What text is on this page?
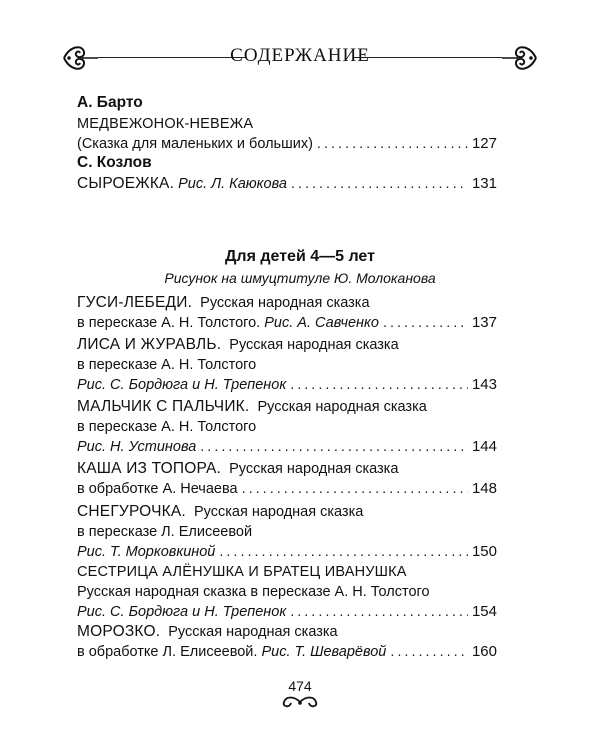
СОДЕРЖАНИЕ
А. Барто
МЕДВЕЖОНОК-НЕВЕЖА
(Сказка для маленьких и больших) .....	127
С. Козлов
СЫРОЕЖКА.
Рис. Л. Каюкова .....	131
Для детей 4—5 лет
Рисунок на шмуцтитуле Ю. Молоканова
ГУСИ-ЛЕБЕДИ. Русская народная сказка
в пересказе А. Н. Толстого.
Рис. А. Савченко .....	137
ЛИСА И ЖУРАВЛЬ. Русская народная сказка
в пересказе А. Н. Толстого
Рис. С. Бордюга и Н. Трепенок .....	143
МАЛЬЧИК С ПАЛЬЧИК. Русская народная сказка
в пересказе А. Н. Толстого
Рис. Н. Устинова .....	144
КАША ИЗ ТОПОРА. Русская народная сказка
в обработке А. Нечаева .....	148
СНЕГУРОЧКА. Русская народная сказка
в пересказе Л. Елисеевой
Рис. Т. Морковкиной .....	150
СЕСТРИЦА АЛЁНУШКА И БРАТЕЦ ИВАНУШКА
Русская народная сказка в пересказе А. Н. Толстого
Рис. С. Бордюга и Н. Трепенок .....	154
МОРОЗКО. Русская народная сказка
в обработке Л. Елисеевой.
Рис. Т. Шеварёвой .....	160
474
